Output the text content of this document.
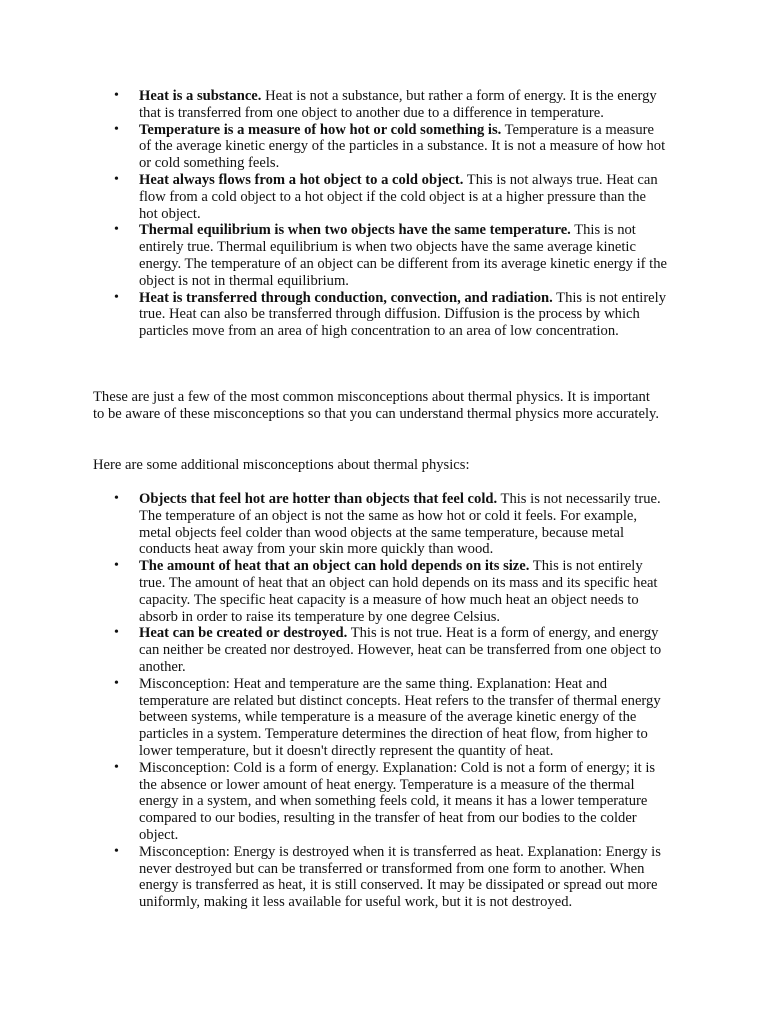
• Heat is a substance. Heat is not a substance, but rather a form of energy. It is the energy that is transferred from one object to another due to a difference in temperature.
• Temperature is a measure of how hot or cold something is. Temperature is a measure of the average kinetic energy of the particles in a substance. It is not a measure of how hot or cold something feels.
• Heat always flows from a hot object to a cold object. This is not always true. Heat can flow from a cold object to a hot object if the cold object is at a higher pressure than the hot object.
• Thermal equilibrium is when two objects have the same temperature. This is not entirely true. Thermal equilibrium is when two objects have the same average kinetic energy. The temperature of an object can be different from its average kinetic energy if the object is not in thermal equilibrium.
• Heat is transferred through conduction, convection, and radiation. This is not entirely true. Heat can also be transferred through diffusion. Diffusion is the process by which particles move from an area of high concentration to an area of low concentration.

These are just a few of the most common misconceptions about thermal physics. It is important to be aware of these misconceptions so that you can understand thermal physics more accurately.

Here are some additional misconceptions about thermal physics:

• Objects that feel hot are hotter than objects that feel cold. This is not necessarily true. The temperature of an object is not the same as how hot or cold it feels. For example, metal objects feel colder than wood objects at the same temperature, because metal conducts heat away from your skin more quickly than wood.
• The amount of heat that an object can hold depends on its size. This is not entirely true. The amount of heat that an object can hold depends on its mass and its specific heat capacity. The specific heat capacity is a measure of how much heat an object needs to absorb in order to raise its temperature by one degree Celsius.
• Heat can be created or destroyed. This is not true. Heat is a form of energy, and energy can neither be created nor destroyed. However, heat can be transferred from one object to another.
• Misconception: Heat and temperature are the same thing. Explanation: Heat and temperature are related but distinct concepts. Heat refers to the transfer of thermal energy between systems, while temperature is a measure of the average kinetic energy of the particles in a system. Temperature determines the direction of heat flow, from higher to lower temperature, but it doesn't directly represent the quantity of heat.
• Misconception: Cold is a form of energy. Explanation: Cold is not a form of energy; it is the absence or lower amount of heat energy. Temperature is a measure of the thermal energy in a system, and when something feels cold, it means it has a lower temperature compared to our bodies, resulting in the transfer of heat from our bodies to the colder object.
• Misconception: Energy is destroyed when it is transferred as heat. Explanation: Energy is never destroyed but can be transferred or transformed from one form to another. When energy is transferred as heat, it is still conserved. It may be dissipated or spread out more uniformly, making it less available for useful work, but it is not destroyed.
